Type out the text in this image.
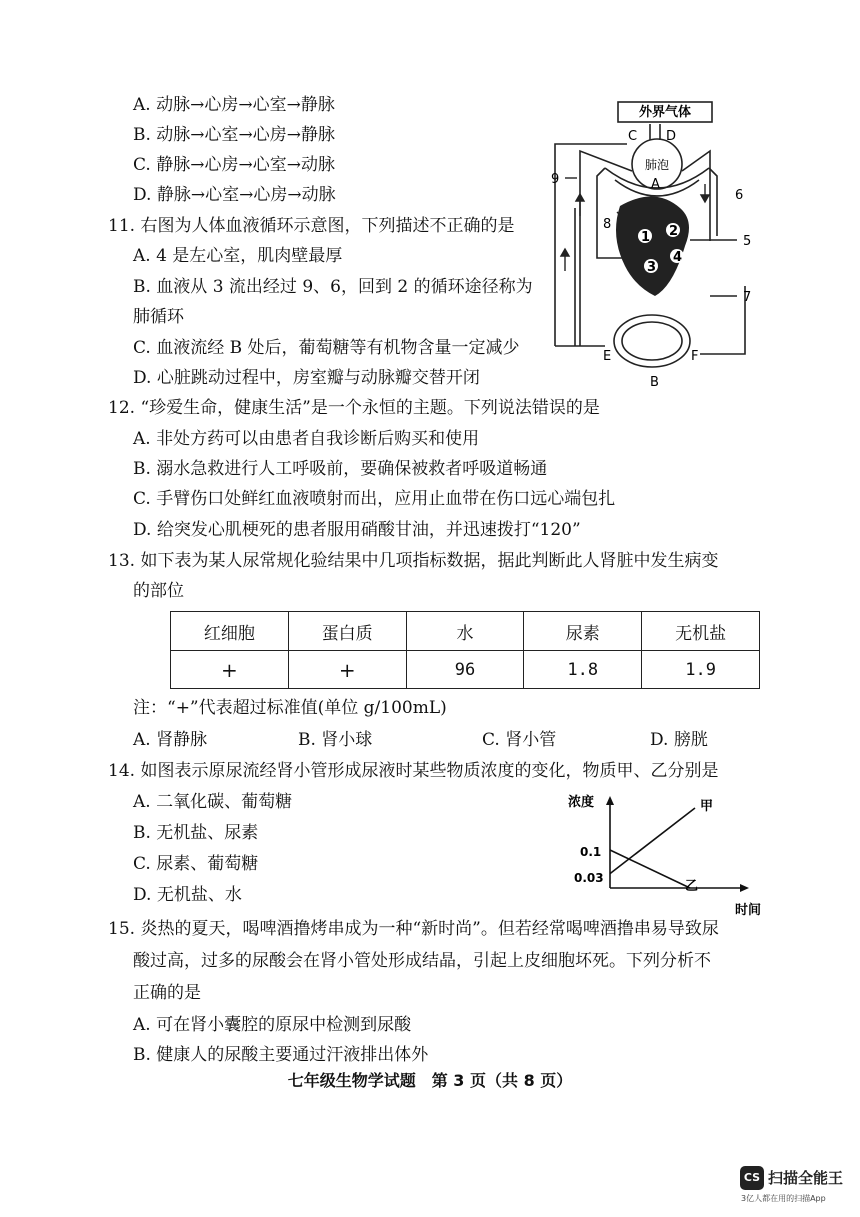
A. 动脉→心房→心室→静脉
B. 动脉→心室→心房→静脉
C. 静脉→心房→心室→动脉
D. 静脉→心室→心房→动脉
11. 右图为人体血液循环示意图，下列描述不正确的是
A. 4 是左心室，肌肉壁最厚
B. 血液从 3 流出经过 9、6，回到 2 的循环途径称为
肺循环
C. 血液流经 B 处后，葡萄糖等有机物含量一定减少
D. 心脏跳动过程中，房室瓣与动脉瓣交替开闭
外界气体
肺泡
C D
A
B
E	F
1 2
3
4
5
6
7
8
9
12. “珍爱生命，健康生活”是一个永恒的主题。下列说法错误的是
A. 非处方药可以由患者自我诊断后购买和使用
B. 溺水急救进行人工呼吸前，要确保被救者呼吸道畅通
C. 手臂伤口处鲜红血液喷射而出，应用止血带在伤口远心端包扎
D. 给突发心肌梗死的患者服用硝酸甘油，并迅速拨打“120”
13. 如下表为某人尿常规化验结果中几项指标数据，据此判断此人肾脏中发生病变
的部位
红细胞	蛋白质	水	尿素	无机盐
+	+	96	1.8	1.9
注：“+”代表超过标准值(单位 g/100mL)
A. 肾静脉	B. 肾小球	C. 肾小管	D. 膀胱
14. 如图表示原尿流经肾小管形成尿液时某些物质浓度的变化，物质甲、乙分别是
A. 二氧化碳、葡萄糖
B. 无机盐、尿素
C. 尿素、葡萄糖
D. 无机盐、水
浓度
时间
0.1
0.03
甲
乙
15. 炎热的夏天，喝啤酒撸烤串成为一种“新时尚”。但若经常喝啤酒撸串易导致尿
酸过高，过多的尿酸会在肾小管处形成结晶，引起上皮细胞坏死。下列分析不
正确的是
A. 可在肾小囊腔的原尿中检测到尿酸
B. 健康人的尿酸主要通过汗液排出体外
七年级生物学试题　第 3 页（共 8 页）
CS 扫描全能王
3亿人都在用的扫描App
